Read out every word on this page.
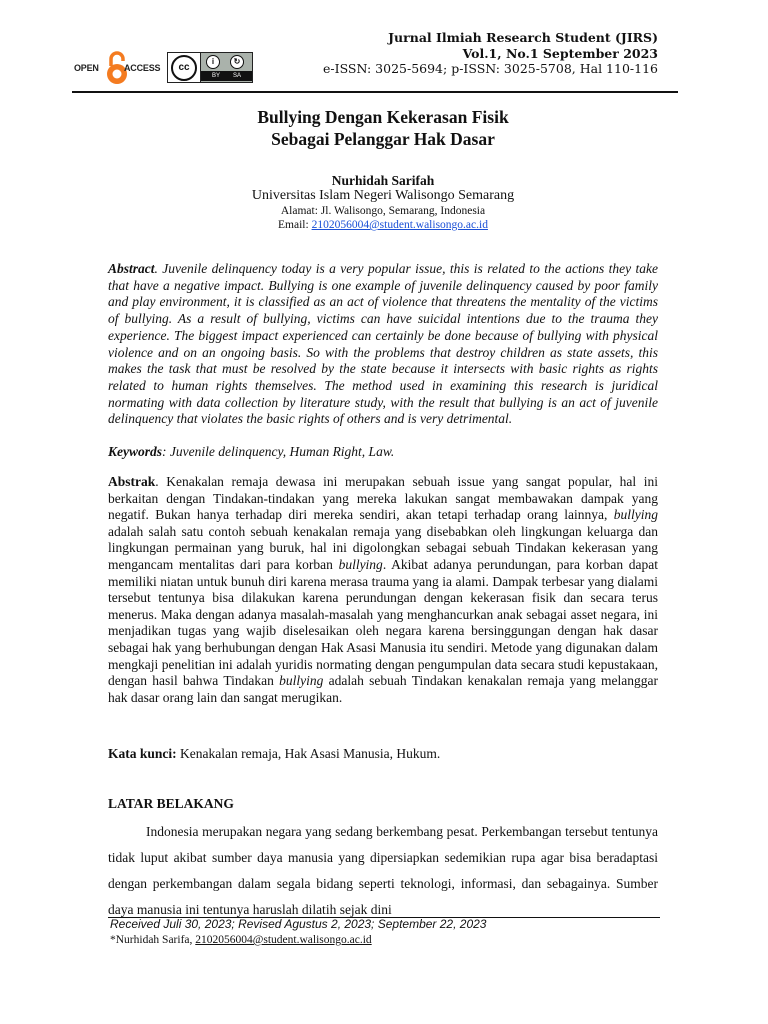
OPEN	ACCESS	cc
i	↻
BY SA
Jurnal Ilmiah Research Student (JIRS)
Vol.1, No.1 September 2023
e-ISSN: 3025-5694; p-ISSN: 3025-5708, Hal 110-116
Bullying Dengan Kekerasan Fisik
Sebagai Pelanggar Hak Dasar
Nurhidah Sarifah
Universitas Islam Negeri Walisongo Semarang
Alamat: Jl. Walisongo, Semarang, Indonesia
Email: 2102056004@student.walisongo.ac.id
Abstract. Juvenile delinquency today is a very popular issue, this is related to the actions they take that have a negative impact. Bullying is one example of juvenile delinquency caused by poor family and play environment, it is classified as an act of violence that threatens the mentality of the victims of bullying. As a result of bullying, victims can have suicidal intentions due to the trauma they experience. The biggest impact experienced can certainly be done because of bullying with physical violence and on an ongoing basis. So with the problems that destroy children as state assets, this makes the task that must be resolved by the state because it intersects with basic rights as rights related to human rights themselves. The method used in examining this research is juridical normating with data collection by literature study, with the result that bullying is an act of juvenile delinquency that violates the basic rights of others and is very detrimental.
Keywords: Juvenile delinquency, Human Right, Law.
Abstrak. Kenakalan remaja dewasa ini merupakan sebuah issue yang sangat popular, hal ini berkaitan dengan Tindakan-tindakan yang mereka lakukan sangat membawakan dampak yang negatif. Bukan hanya terhadap diri mereka sendiri, akan tetapi terhadap orang lainnya, bullying adalah salah satu contoh sebuah kenakalan remaja yang disebabkan oleh lingkungan keluarga dan lingkungan permainan yang buruk, hal ini digolongkan sebagai sebuah Tindakan kekerasan yang mengancam mentalitas dari para korban bullying. Akibat adanya perundungan, para korban dapat memiliki niatan untuk bunuh diri karena merasa trauma yang ia alami. Dampak terbesar yang dialami tersebut tentunya bisa dilakukan karena perundungan dengan kekerasan fisik dan secara terus menerus. Maka dengan adanya masalah-masalah yang menghancurkan anak sebagai asset negara, ini menjadikan tugas yang wajib diselesaikan oleh negara karena bersinggungan dengan hak dasar sebagai hak yang berhubungan dengan Hak Asasi Manusia itu sendiri. Metode yang digunakan dalam mengkaji penelitian ini adalah yuridis normating dengan pengumpulan data secara studi kepustakaan, dengan hasil bahwa Tindakan bullying adalah sebuah Tindakan kenakalan remaja yang melanggar hak dasar orang lain dan sangat merugikan.
Kata kunci: Kenakalan remaja, Hak Asasi Manusia, Hukum.
LATAR BELAKANG
Indonesia merupakan negara yang sedang berkembang pesat. Perkembangan tersebut tentunya tidak luput akibat sumber daya manusia yang dipersiapkan sedemikian rupa agar bisa beradaptasi dengan perkembangan dalam segala bidang seperti teknologi, informasi, dan sebagainya. Sumber daya manusia ini tentunya haruslah dilatih sejak dini
Received Juli 30, 2023; Revised Agustus 2, 2023; September 22, 2023
*Nurhidah Sarifa, 2102056004@student.walisongo.ac.id
